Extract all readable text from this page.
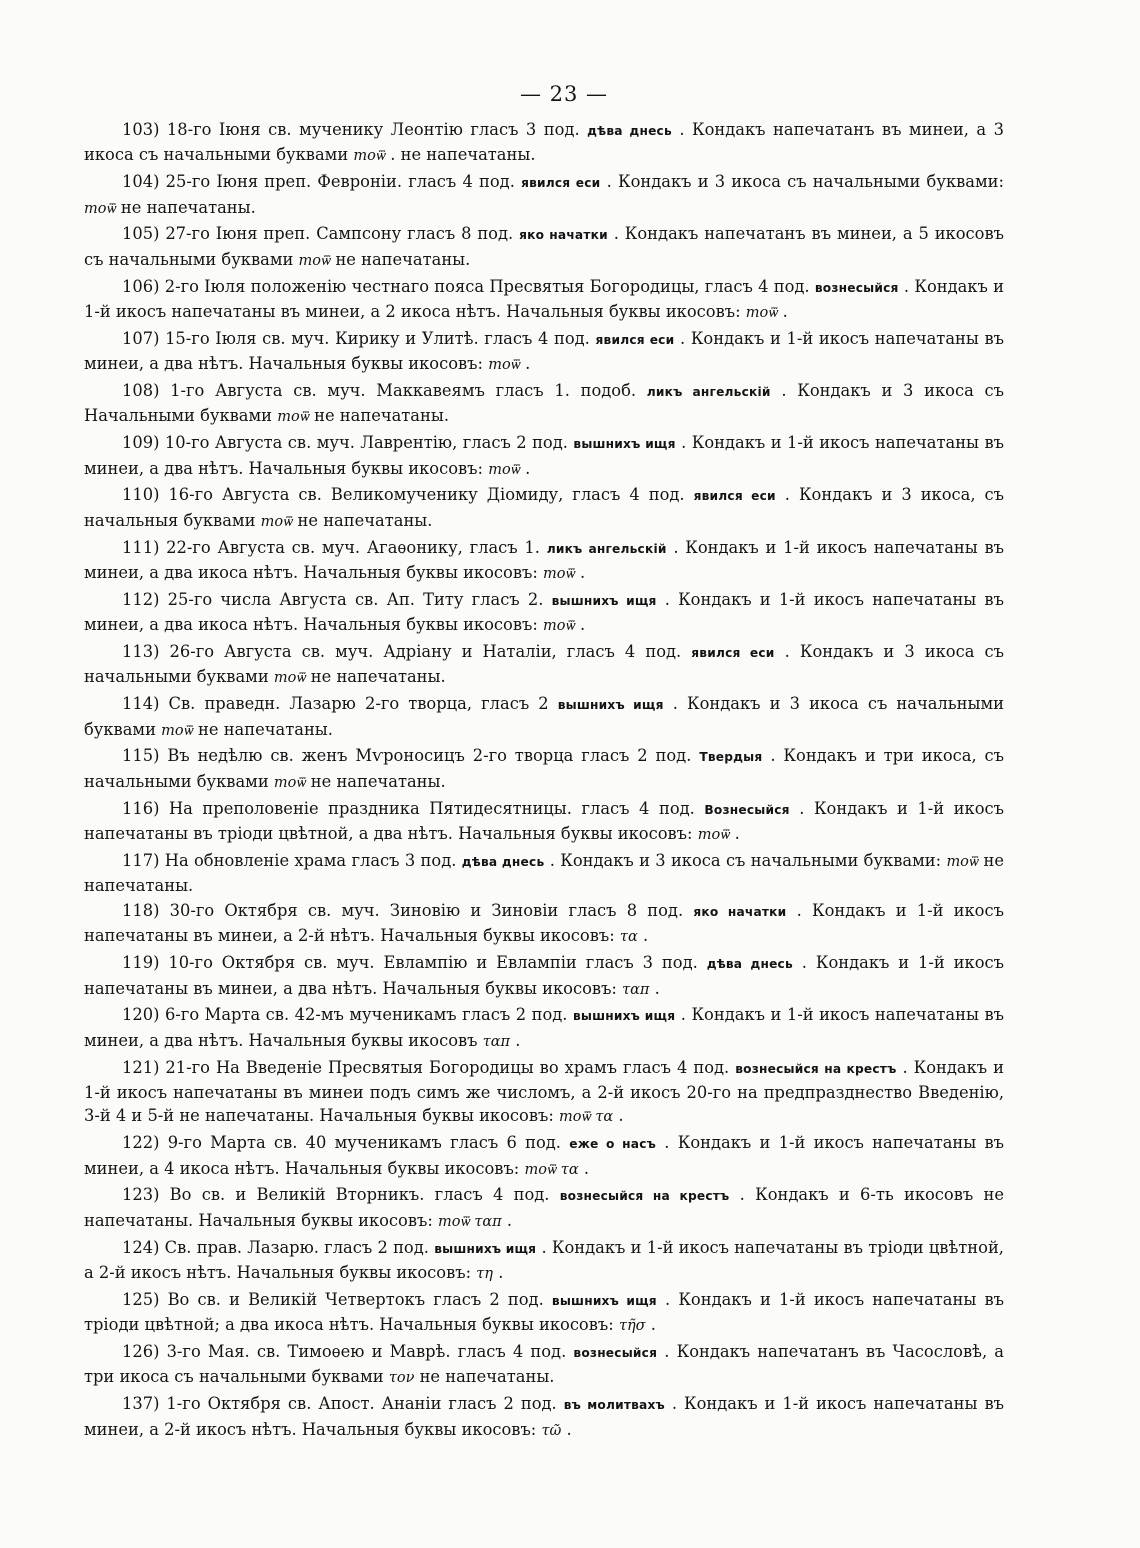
— 23 —

103) 18-го Іюня св. мученику Леонтію гласъ 3 под. дѣва днесь . Кондакъ напечатанъ въ минеи, а 3 икоса съ начальными буквами тоѿ . не напечатаны.

104) 25-го Іюня преп. Февроніи. гласъ 4 под. явился еси . Кондакъ и 3 икоса съ начальными буквами: тоѿ не напечатаны.

105) 27-го Іюня преп. Сампсону гласъ 8 под. яко начатки . Кондакъ напечатанъ въ минеи, а 5 икосовъ съ начальными буквами тоѿ не напечатаны.

106) 2-го Іюля положенію честнаго пояса Пресвятыя Богородицы, гласъ 4 под. вознесыйся . Кондакъ и 1-й икосъ напечатаны въ минеи, а 2 икоса нѣтъ. Начальныя буквы икосовъ: тоѿ .

107) 15-го Іюля св. муч. Кирику и Улитѣ. гласъ 4 под. явился еси . Кондакъ и 1-й икосъ напечатаны въ минеи, а два нѣтъ. Начальныя буквы икосовъ: тоѿ .

108) 1-го Августа св. муч. Маккавеямъ гласъ 1. подоб. ликъ ангельскій . Кондакъ и 3 икоса съ Начальными буквами тоѿ не напечатаны.

109) 10-го Августа св. муч. Лаврентію, гласъ 2 под. вышнихъ ищя . Кондакъ и 1-й икосъ напечатаны въ минеи, а два нѣтъ. Начальныя буквы икосовъ: тоѿ .

110) 16-го Августа св. Великомученику Діомиду, гласъ 4 под. явился еси . Кондакъ и 3 икоса, съ начальныя буквами тоѿ не напечатаны.

111) 22-го Августа св. муч. Агаѳонику, гласъ 1. ликъ ангельскій . Кондакъ и 1-й икосъ напечатаны въ минеи, а два икоса нѣтъ. Начальныя буквы икосовъ: тоѿ .

112) 25-го числа Августа св. Ап. Титу гласъ 2. вышнихъ ищя . Кондакъ и 1-й икосъ напечатаны въ минеи, а два икоса нѣтъ. Начальныя буквы икосовъ: тоѿ .

113) 26-го Августа св. муч. Адріану и Наталіи, гласъ 4 под. явился еси . Кондакъ и 3 икоса съ начальными буквами тоѿ не напечатаны.

114) Св. праведн. Лазарю 2-го творца, гласъ 2 вышнихъ ищя . Кондакъ и 3 икоса съ начальными буквами тоѿ не напечатаны.

115) Въ недѣлю св. женъ Мѵроносицъ 2-го творца гласъ 2 под. Твердыя . Кондакъ и три икоса, съ начальными буквами тоѿ не напечатаны.

116) На преполовеніе праздника Пятидесятницы. гласъ 4 под. Вознесыйся . Кондакъ и 1-й икосъ напечатаны въ тріоди цвѣтной, а два нѣтъ. Начальныя буквы икосовъ: тоѿ .

117) На обновленіе храма гласъ 3 под. дѣва днесь . Кондакъ и 3 икоса съ начальными буквами: тоѿ не напечатаны.

118) 30-го Октября св. муч. Зиновію и Зиновіи гласъ 8 под. яко начатки . Кондакъ и 1-й икосъ напечатаны въ минеи, а 2-й нѣтъ. Начальныя буквы икосовъ: τα .

119) 10-го Октября св. муч. Евлампію и Евлампіи гласъ 3 под. дѣва днесь . Кондакъ и 1-й икосъ напечатаны въ минеи, а два нѣтъ. Начальныя буквы икосовъ: ταπ .

120) 6-го Марта св. 42-мъ мученикамъ гласъ 2 под. вышнихъ ищя . Кондакъ и 1-й икосъ напечатаны въ минеи, а два нѣтъ. Начальныя буквы икосовъ ταπ .

121) 21-го На Введеніе Пресвятыя Богородицы во храмъ гласъ 4 под. вознесыйся на крестъ . Кондакъ и 1-й икосъ напечатаны въ минеи подъ симъ же числомъ, а 2-й икосъ 20-го на предпразднество Введенію, 3-й 4 и 5-й не напечатаны. Начальныя буквы икосовъ: тоѿ τα .

122) 9-го Марта св. 40 мученикамъ гласъ 6 под. еже о насъ . Кондакъ и 1-й икосъ напечатаны въ минеи, а 4 икоса нѣтъ. Начальныя буквы икосовъ: тоѿ τα .

123) Во св. и Великій Вторникъ. гласъ 4 под. вознесыйся на крестъ . Кондакъ и 6-ть икосовъ не напечатаны. Начальныя буквы икосовъ: тоѿ ταπ .

124) Св. прав. Лазарю. гласъ 2 под. вышнихъ ищя . Кондакъ и 1-й икосъ напечатаны въ тріоди цвѣтной, а 2-й икосъ нѣтъ. Начальныя буквы икосовъ: τη .

125) Во св. и Великій Четвертокъ гласъ 2 под. вышнихъ ищя . Кондакъ и 1-й икосъ напечатаны въ тріоди цвѣтной; а два икоса нѣтъ. Начальныя буквы икосовъ: τῆσ .

126) 3-го Мая. св. Тимоѳею и Маврѣ. гласъ 4 под. вознесыйся . Кондакъ напечатанъ въ Часословѣ, а три икоса съ начальными буквами τον не напечатаны.

137) 1-го Октября св. Апост. Ананіи гласъ 2 под. въ молитвахъ . Кондакъ и 1-й икосъ напечатаны въ минеи, а 2-й икосъ нѣтъ. Начальныя буквы икосовъ: τῶ .
